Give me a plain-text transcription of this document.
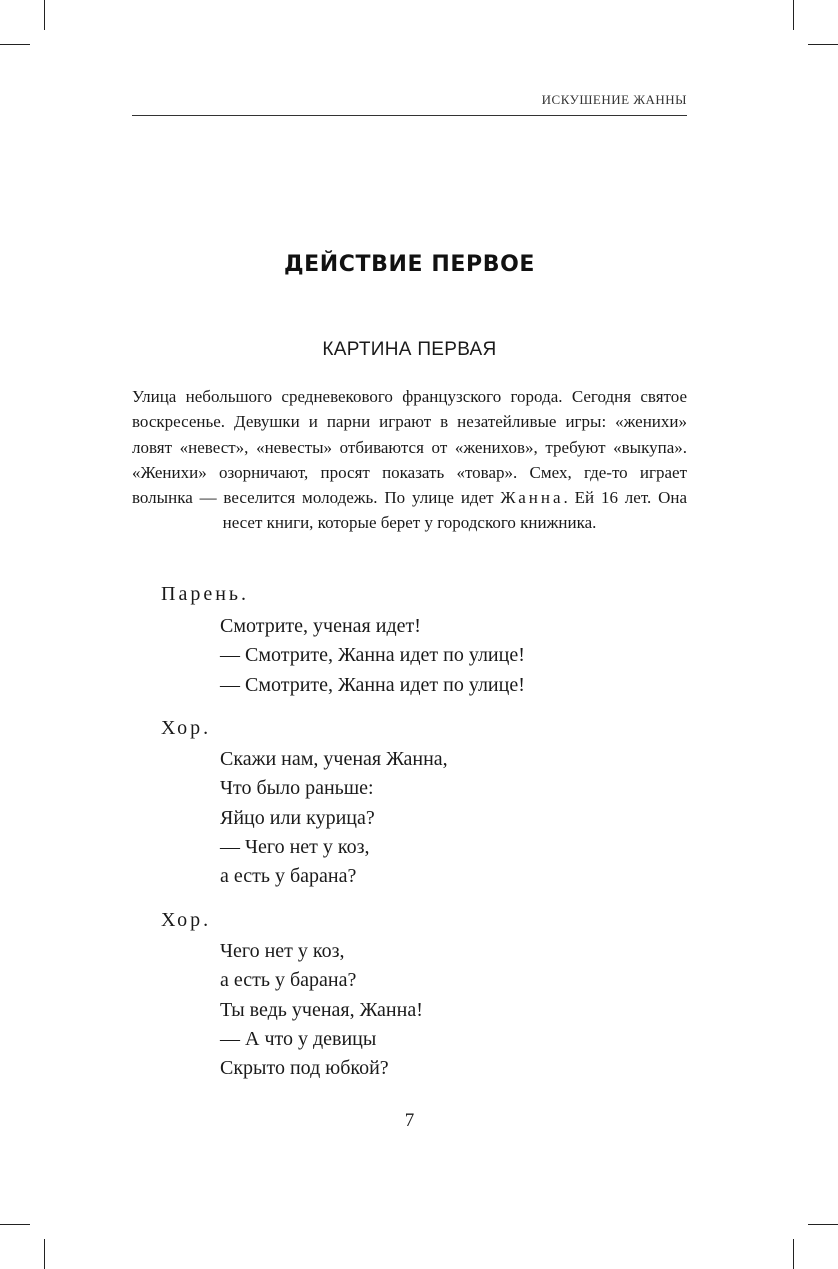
ИСКУШЕНИЕ ЖАННЫ
ДЕЙСТВИЕ ПЕРВОЕ
КАРТИНА ПЕРВАЯ
Улица небольшого средневекового французского города. Сегодня святое воскресенье. Девушки и парни играют в незатейливые игры: «женихи» ловят «невест», «невесты» отбиваются от «женихов», требуют «выкупа». «Женихи» озорничают, просят показать «товар». Смех, где-то играет волынка — веселится молодежь. По улице идет Жанна. Ей 16 лет. Она несет книги, которые берет у городского книжника.
Парень.
Смотрите, ученая идет!
— Смотрите, Жанна идет по улице!
— Смотрите, Жанна идет по улице!
Хор.
Скажи нам, ученая Жанна,
Что было раньше:
Яйцо или курица?
— Чего нет у коз,
а есть у барана?
Хор.
Чего нет у коз,
а есть у барана?
Ты ведь ученая, Жанна!
— А что у девицы
Скрыто под юбкой?
7
